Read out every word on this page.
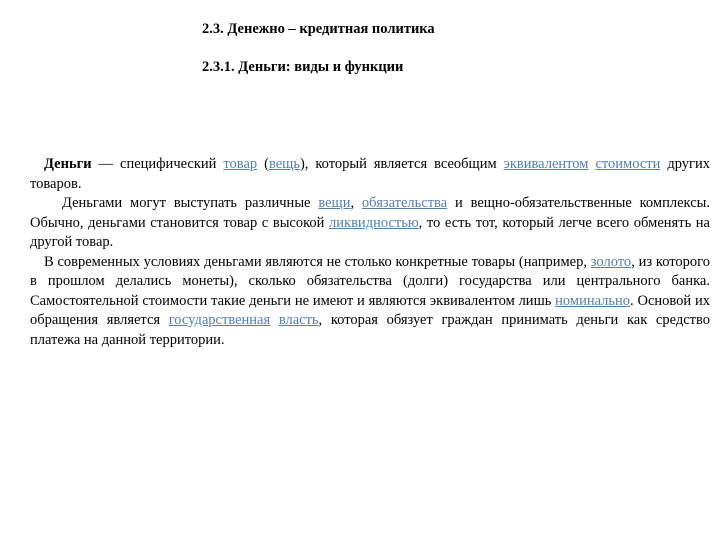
2.3. Денежно – кредитная политика
2.3.1. Деньги: виды и функции

Деньги — специфический товар (вещь), который является всеобщим эквивалентом стоимости других товаров.

Деньгами могут выступать различные вещи, обязательства и вещно-обязательственные комплексы. Обычно, деньгами становится товар с высокой ликвидностью, то есть тот, который легче всего обменять на другой товар.

В современных условиях деньгами являются не столько конкретные товары (например, золото, из которого в прошлом делались монеты), сколько обязательства (долги) государства или центрального банка. Самостоятельной стоимости такие деньги не имеют и являются эквивалентом лишь номинально. Основой их обращения является государственная власть, которая обязует граждан принимать деньги как средство платежа на данной территории.
